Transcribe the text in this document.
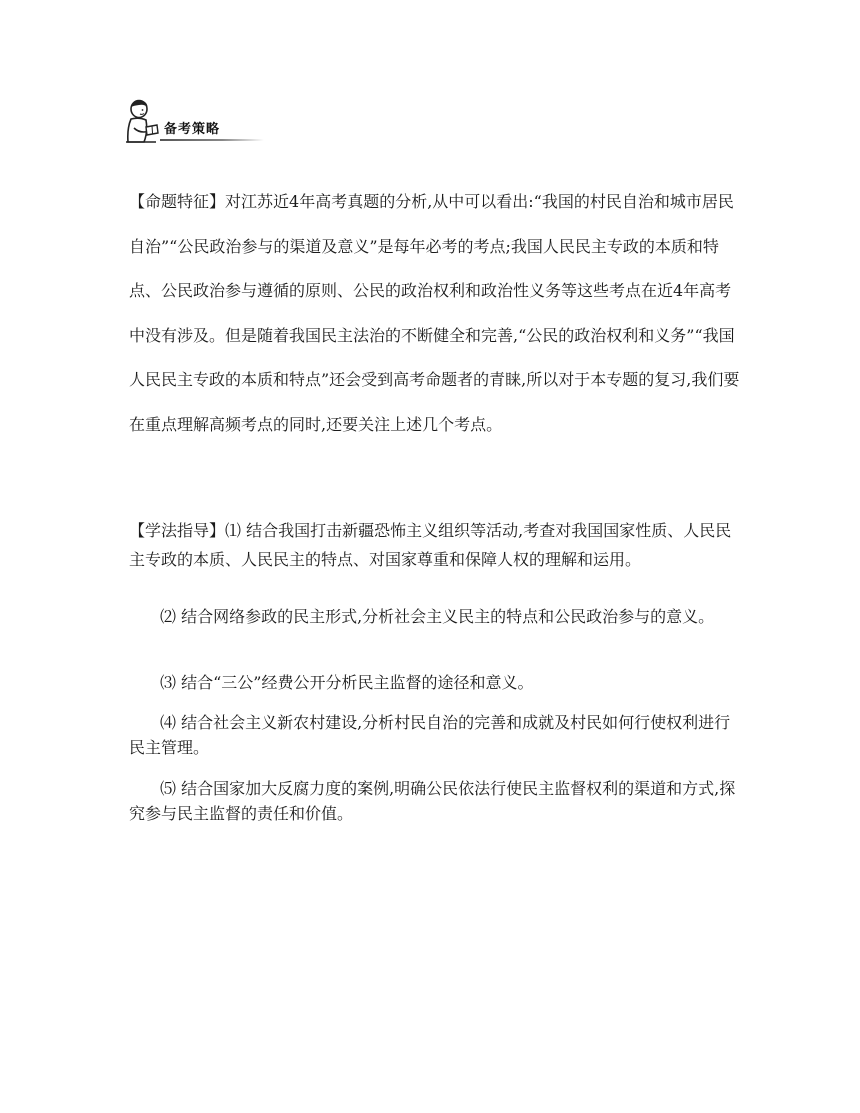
备考策略
【命题特征】对江苏近4年高考真题的分析,从中可以看出:“我国的村民自治和城市居民自治”“公民政治参与的渠道及意义”是每年必考的考点;我国人民民主专政的本质和特点、公民政治参与遵循的原则、公民的政治权利和政治性义务等这些考点在近4年高考中没有涉及。但是随着我国民主法治的不断健全和完善,“公民的政治权利和义务”“我国人民民主专政的本质和特点”还会受到高考命题者的青睐,所以对于本专题的复习,我们要在重点理解高频考点的同时,还要关注上述几个考点。
【学法指导】⑴ 结合我国打击新疆恐怖主义组织等活动,考查对我国国家性质、人民民主专政的本质、人民民主的特点、对国家尊重和保障人权的理解和运用。
⑵ 结合网络参政的民主形式,分析社会主义民主的特点和公民政治参与的意义。
⑶ 结合“三公”经费公开分析民主监督的途径和意义。
⑷ 结合社会主义新农村建设,分析村民自治的完善和成就及村民如何行使权利进行民主管理。
⑸ 结合国家加大反腐力度的案例,明确公民依法行使民主监督权利的渠道和方式,探究参与民主监督的责任和价值。
